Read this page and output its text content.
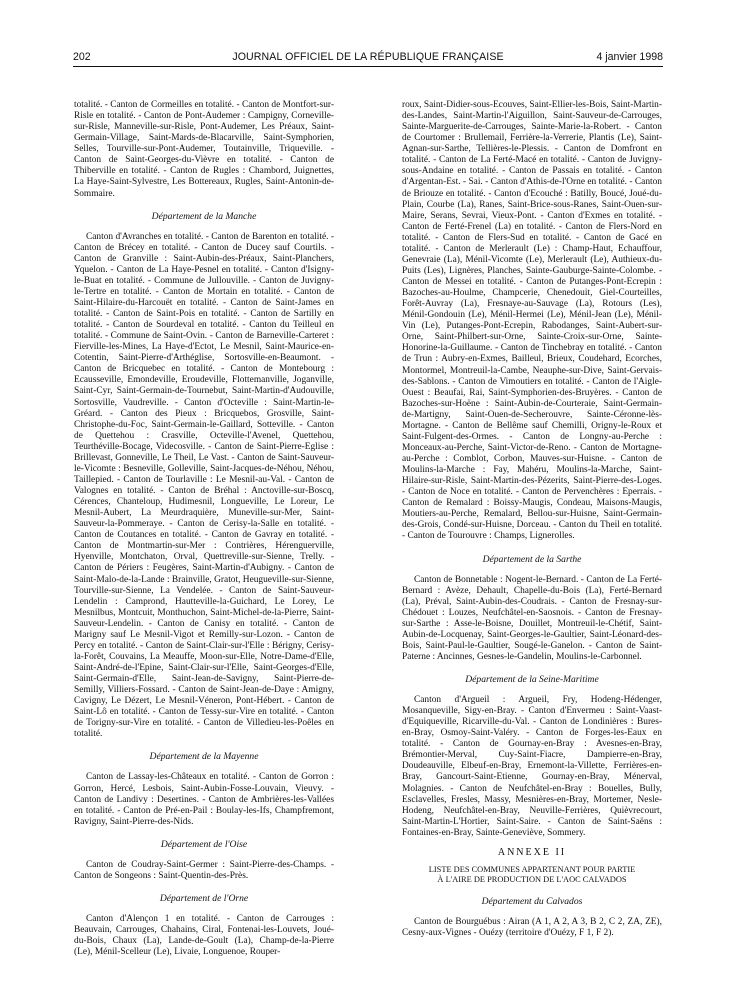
202	JOURNAL OFFICIEL DE LA RÉPUBLIQUE FRANÇAISE	4 janvier 1998

totalité. - Canton de Cormeilles en totalité. - Canton de Montfort-sur-Risle en totalité. - Canton de Pont-Audemer : Campigny, Corneville-sur-Risle, Manneville-sur-Risle, Pont-Audemer, Les Préaux, Saint-Germain-Village, Saint-Mards-de-Blacarville, Saint-Symphorien, Selles, Tourville-sur-Pont-Audemer, Toutainville, Triqueville. - Canton de Saint-Georges-du-Vièvre en totalité. - Canton de Thiberville en totalité. - Canton de Rugles : Chambord, Juignettes, La Haye-Saint-Sylvestre, Les Bottereaux, Rugles, Saint-Antonin-de-Sommaire.

Département de la Manche

Canton d'Avranches en totalité. - Canton de Barenton en totalité. - Canton de Brécey en totalité. - Canton de Ducey sauf Courtils. - Canton de Granville : Saint-Aubin-des-Préaux, Saint-Planchers, Yquelon. - Canton de La Haye-Pesnel en totalité. - Canton d'Isigny-le-Buat en totalité. - Commune de Jullouville. - Canton de Juvigny-le-Tertre en totalité. - Canton de Mortain en totalité. - Canton de Saint-Hilaire-du-Harcouët en totalité. - Canton de Saint-James en totalité. - Canton de Saint-Pois en totalité. - Canton de Sartilly en totalité. - Canton de Sourdeval en totalité. - Canton du Teilleul en totalité. - Commune de Saint-Ovin. - Canton de Barneville-Carteret : Fierville-les-Mines, La Haye-d'Ectot, Le Mesnil, Saint-Maurice-en-Cotentin, Saint-Pierre-d'Arthéglise, Sortosville-en-Beaumont. - Canton de Bricquebec en totalité. - Canton de Montebourg : Ecausseville, Emondeville, Eroudeville, Flottemanville, Joganville, Saint-Cyr, Saint-Germain-de-Tournebut, Saint-Martin-d'Audouville, Sortosville, Vaudreville. - Canton d'Octeville : Saint-Martin-le-Gréard. - Canton des Pieux : Bricquebos, Grosville, Saint-Christophe-du-Foc, Saint-Germain-le-Gaillard, Sotteville. - Canton de Quettehou : Crasville, Octeville-l'Avenel, Quettehou, Teurthéville-Bocage, Videcosville. - Canton de Saint-Pierre-Eglise : Brillevast, Gonneville, Le Theil, Le Vast. - Canton de Saint-Sauveur-le-Vicomte : Besneville, Golleville, Saint-Jacques-de-Néhou, Néhou, Taillepied. - Canton de Tourlaville : Le Mesnil-au-Val. - Canton de Valognes en totalité. - Canton de Bréhal : Anctoville-sur-Boscq, Cérences, Chanteloup, Hudimesnil, Longueville, Le Loreur, Le Mesnil-Aubert, La Meurdraquière, Muneville-sur-Mer, Saint-Sauveur-la-Pommeraye. - Canton de Cerisy-la-Salle en totalité. - Canton de Coutances en totalité. - Canton de Gavray en totalité. - Canton de Montmartin-sur-Mer : Contrières, Hérenguerville, Hyenville, Montchaton, Orval, Quettreville-sur-Sienne, Trelly. - Canton de Périers : Feugères, Saint-Martin-d'Aubigny. - Canton de Saint-Malo-de-la-Lande : Brainville, Gratot, Heugueville-sur-Sienne, Tourville-sur-Sienne, La Vendelée. - Canton de Saint-Sauveur-Lendelin : Camprond, Hautteville-la-Guichard, Le Lorey, Le Mesnilbus, Montcuit, Monthuchon, Saint-Michel-de-la-Pierre, Saint-Sauveur-Lendelin. - Canton de Canisy en totalité. - Canton de Marigny sauf Le Mesnil-Vigot et Remilly-sur-Lozon. - Canton de Percy en totalité. - Canton de Saint-Clair-sur-l'Elle : Bérigny, Cerisy-la-Forêt, Couvains, La Meauffe, Moon-sur-Elle, Notre-Dame-d'Elle, Saint-André-de-l'Epine, Saint-Clair-sur-l'Elle, Saint-Georges-d'Elle, Saint-Germain-d'Elle, Saint-Jean-de-Savigny, Saint-Pierre-de-Semilly, Villiers-Fossard. - Canton de Saint-Jean-de-Daye : Amigny, Cavigny, Le Dézert, Le Mesnil-Véneron, Pont-Hébert. - Canton de Saint-Lô en totalité. - Canton de Tessy-sur-Vire en totalité. - Canton de Torigny-sur-Vire en totalité. - Canton de Villedieu-les-Poêles en totalité.

Département de la Mayenne

Canton de Lassay-les-Châteaux en totalité. - Canton de Gorron : Gorron, Hercé, Lesbois, Saint-Aubin-Fosse-Louvain, Vieuvy. - Canton de Landivy : Desertines. - Canton de Ambrières-les-Vallées en totalité. - Canton de Pré-en-Pail : Boulay-les-Ifs, Champfremont, Ravigny, Saint-Pierre-des-Nids.

Département de l'Oise

Canton de Coudray-Saint-Germer : Saint-Pierre-des-Champs. - Canton de Songeons : Saint-Quentin-des-Près.

Département de l'Orne

Canton d'Alençon 1 en totalité. - Canton de Carrouges : Beauvain, Carrouges, Chahains, Ciral, Fontenai-les-Louvets, Joué-du-Bois, Chaux (La), Lande-de-Goult (La), Champ-de-la-Pierre (Le), Ménil-Scelleur (Le), Livaie, Longuenoe, Rouper-

roux, Saint-Didier-sous-Ecouves, Saint-Ellier-les-Bois, Saint-Martin-des-Landes, Saint-Martin-l'Aiguillon, Saint-Sauveur-de-Carrouges, Sainte-Marguerite-de-Carrouges, Sainte-Marie-la-Robert. - Canton de Courtomer : Brullemail, Ferrière-la-Verrerie, Plantis (Le), Saint-Agnan-sur-Sarthe, Tellières-le-Plessis. - Canton de Domfront en totalité. - Canton de La Ferté-Macé en totalité. - Canton de Juvigny-sous-Andaine en totalité. - Canton de Passais en totalité. - Canton d'Argentan-Est. - Sai. - Canton d'Athis-de-l'Orne en totalité. - Canton de Briouze en totalité. - Canton d'Ecouché : Batilly, Boucé, Joué-du-Plain, Courbe (La), Ranes, Saint-Brice-sous-Ranes, Saint-Ouen-sur-Maire, Serans, Sevrai, Vieux-Pont. - Canton d'Exmes en totalité. - Canton de Ferté-Frenel (La) en totalité. - Canton de Flers-Nord en totalité. - Canton de Flers-Sud en totalité. - Canton de Gacé en totalité. - Canton de Merlerault (Le) : Champ-Haut, Echauffour, Genevraie (La), Ménil-Vicomte (Le), Merlerault (Le), Authieux-du-Puits (Les), Lignères, Planches, Sainte-Gauburge-Sainte-Colombe. - Canton de Messei en totalité. - Canton de Putanges-Pont-Ecrepin : Bazoches-au-Houlme, Champcerie, Chenedouit, Giel-Courteilles, Forêt-Auvray (La), Fresnaye-au-Sauvage (La), Rotours (Les), Ménil-Gondouin (Le), Ménil-Hermei (Le), Ménil-Jean (Le), Ménil-Vin (Le), Putanges-Pont-Ecrepin, Rabodanges, Saint-Aubert-sur-Orne, Saint-Philbert-sur-Orne, Sainte-Croix-sur-Orne, Sainte-Honorine-la-Guillaume. - Canton de Tinchebray en totalité. - Canton de Trun : Aubry-en-Exmes, Bailleul, Brieux, Coudehard, Ecorches, Montormel, Montreuil-la-Cambe, Neauphe-sur-Dive, Saint-Gervais-des-Sablons. - Canton de Vimoutiers en totalité. - Canton de l'Aigle-Ouest : Beaufai, Rai, Saint-Symphorien-des-Bruyères. - Canton de Bazoches-sur-Hoëne : Saint-Aubin-de-Courteraie, Saint-Germain-de-Martigny, Saint-Ouen-de-Secherouvre, Sainte-Céronne-lès-Mortagne. - Canton de Bellême sauf Chemilli, Origny-le-Roux et Saint-Fulgent-des-Ormes. - Canton de Longny-au-Perche : Monceaux-au-Perche, Saint-Victor-de-Reno. - Canton de Mortagne-au-Perche : Comblot, Corbon, Mauves-sur-Huisne. - Canton de Moulins-la-Marche : Fay, Mahéru, Moulins-la-Marche, Saint-Hilaire-sur-Risle, Saint-Martin-des-Pézerits, Saint-Pierre-des-Loges. - Canton de Noce en totalité. - Canton de Pervenchères : Eperrais. - Canton de Remalard : Boissy-Maugis, Condeau, Maisons-Maugis, Moutiers-au-Perche, Remalard, Bellou-sur-Huisne, Saint-Germain-des-Grois, Condé-sur-Huisne, Dorceau. - Canton du Theil en totalité. - Canton de Tourouvre : Champs, Lignerolles.

Département de la Sarthe

Canton de Bonnetable : Nogent-le-Bernard. - Canton de La Ferté-Bernard : Avèze, Dehault, Chapelle-du-Bois (La), Ferté-Bernard (La), Préval, Saint-Aubin-des-Coudrais. - Canton de Fresnay-sur-Chédouet : Louzes, Neufchâtel-en-Saosnois. - Canton de Fresnay-sur-Sarthe : Asse-le-Boisne, Douillet, Montreuil-le-Chétif, Saint-Aubin-de-Locquenay, Saint-Georges-le-Gaultier, Saint-Léonard-des-Bois, Saint-Paul-le-Gaultier, Sougé-le-Ganelon. - Canton de Saint-Paterne : Ancinnes, Gesnes-le-Gandelin, Moulins-le-Carbonnel.

Département de la Seine-Maritime

Canton d'Argueil : Argueil, Fry, Hodeng-Hédenger, Mosanqueville, Sigy-en-Bray. - Canton d'Envermeu : Saint-Vaast-d'Equiqueville, Ricarville-du-Val. - Canton de Londinières : Bures-en-Bray, Osmoy-Saint-Valéry. - Canton de Forges-les-Eaux en totalité. - Canton de Gournay-en-Bray : Avesnes-en-Bray, Brémontier-Merval, Cuy-Saint-Fiacre, Dampierre-en-Bray, Doudeauville, Elbeuf-en-Bray, Ernemont-la-Villette, Ferrières-en-Bray, Gancourt-Saint-Etienne, Gournay-en-Bray, Ménerval, Molagnies. - Canton de Neufchâtel-en-Bray : Bouelles, Bully, Esclavelles, Fresles, Massy, Mesnières-en-Bray, Mortemer, Nesle-Hodeng, Neufchâtel-en-Bray, Neuville-Ferrières, Quièvrecourt, Saint-Martin-L'Hortier, Saint-Saire. - Canton de Saint-Saëns : Fontaines-en-Bray, Sainte-Geneviève, Sommery.

ANNEXE II

LISTE DES COMMUNES APPARTENANT POUR PARTIE

À L'AIRE DE PRODUCTION DE L'AOC CALVADOS

Département du Calvados

Canton de Bourguébus : Airan (A 1, A 2, A 3, B 2, C 2, ZA, ZE), Cesny-aux-Vignes - Ouézy (territoire d'Ouézy, F 1, F 2).
